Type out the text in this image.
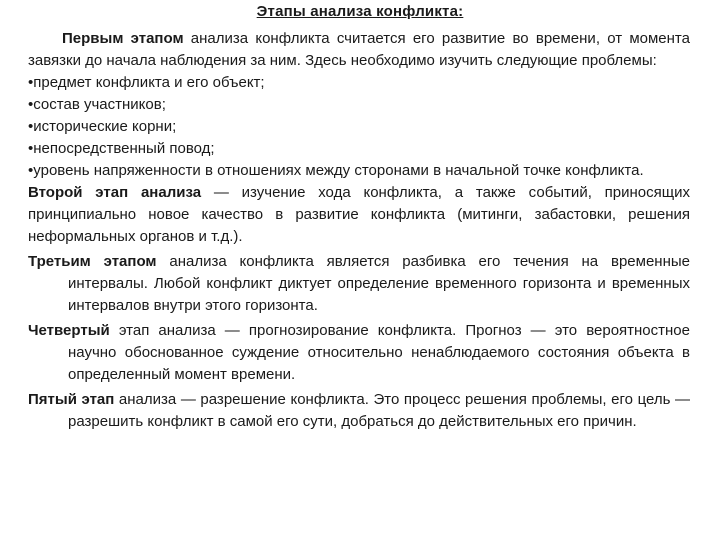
Этапы анализа конфликта:

Первым этапом анализа конфликта считается его развитие во времени, от момента завязки до начала наблюдения за ним. Здесь необходимо изучить следующие проблемы:

• предмет конфликта и его объект;

• состав участников;

• исторические корни;

• непосредственный повод;

• уровень напряженности в отношениях между сторонами в начальной точке конфликта.

Второй этап анализа — изучение хода конфликта, а также событий, приносящих принципиально новое качество в развитие конфликта (митинги, забастовки, решения неформальных органов и т.д.).

Третьим этапом анализа конфликта является разбивка его течения на временные интервалы. Любой конфликт диктует определение временного горизонта и временных интервалов внутри этого горизонта.

Четвертый этап анализа — прогнозирование конфликта. Прогноз — это вероятностное научно обоснованное суждение относительно ненаблюдаемого состояния объекта в определенный момент времени.

Пятый этап анализа — разрешение конфликта. Это процесс решения проблемы, его цель — разрешить конфликт в самой его сути, добраться до действительных его причин.
